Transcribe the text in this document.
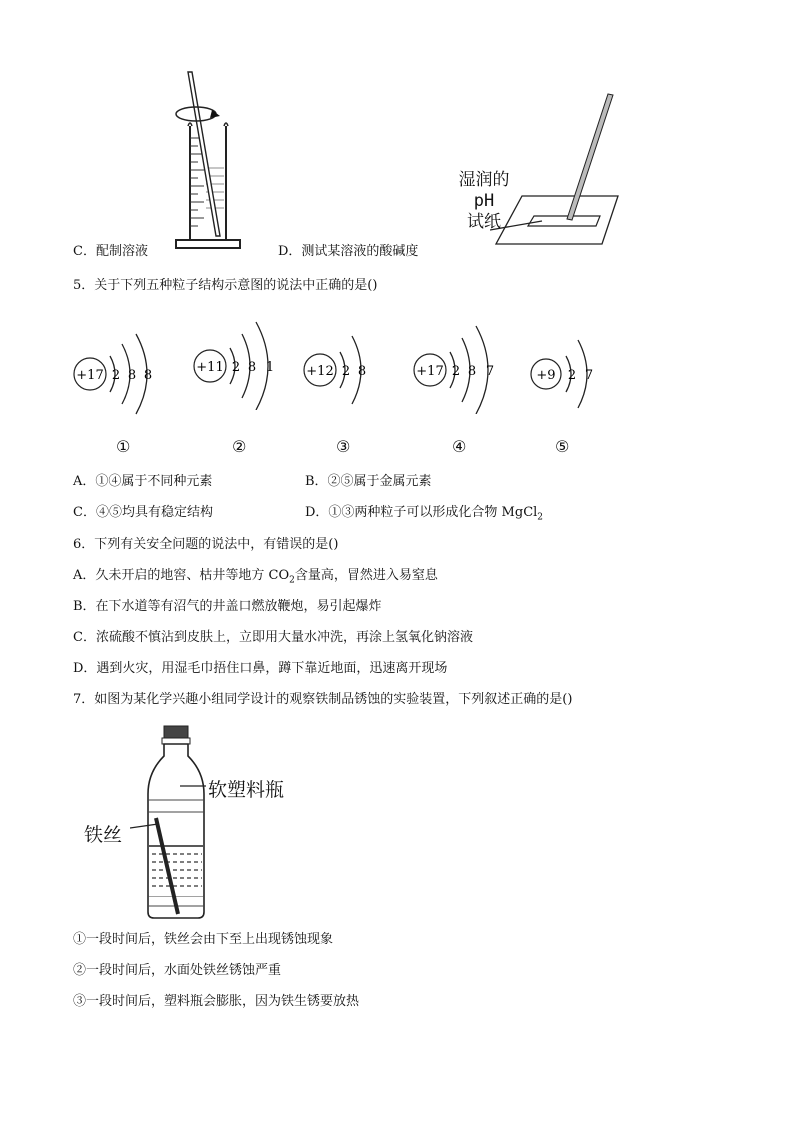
C．配制溶液	D．测试某溶液的酸碱度
湿润的
pH
试纸
5．关于下列五种粒子结构示意图的说法中正确的是()
+17 2 8 8
+11 2 8 1 +12 2 8	+17 2 8 7	+9 2 7
①	②	③	④	⑤
A．①④属于不同种元素	B．②⑤属于金属元素
C．④⑤均具有稳定结构	D．①③两种粒子可以形成化合物 MgCl$_2$
6．下列有关安全问题的说法中，有错误的是()
A．久未开启的地窖、枯井等地方 $CO_2$含量高，冒然进入易窒息
B．在下水道等有沼气的井盖口燃放鞭炮，易引起爆炸
C．浓硫酸不慎沾到皮肤上，立即用大量水冲洗，再涂上氢氧化钠溶液
D．遇到火灾，用湿毛巾捂住口鼻，蹲下靠近地面，迅速离开现场
7．如图为某化学兴趣小组同学设计的观察铁制品锈蚀的实验装置，下列叙述正确的是()
软塑料瓶
铁丝
①一段时间后，铁丝会由下至上出现锈蚀现象
②一段时间后，水面处铁丝锈蚀严重
③一段时间后，塑料瓶会膨胀，因为铁生锈要放热
